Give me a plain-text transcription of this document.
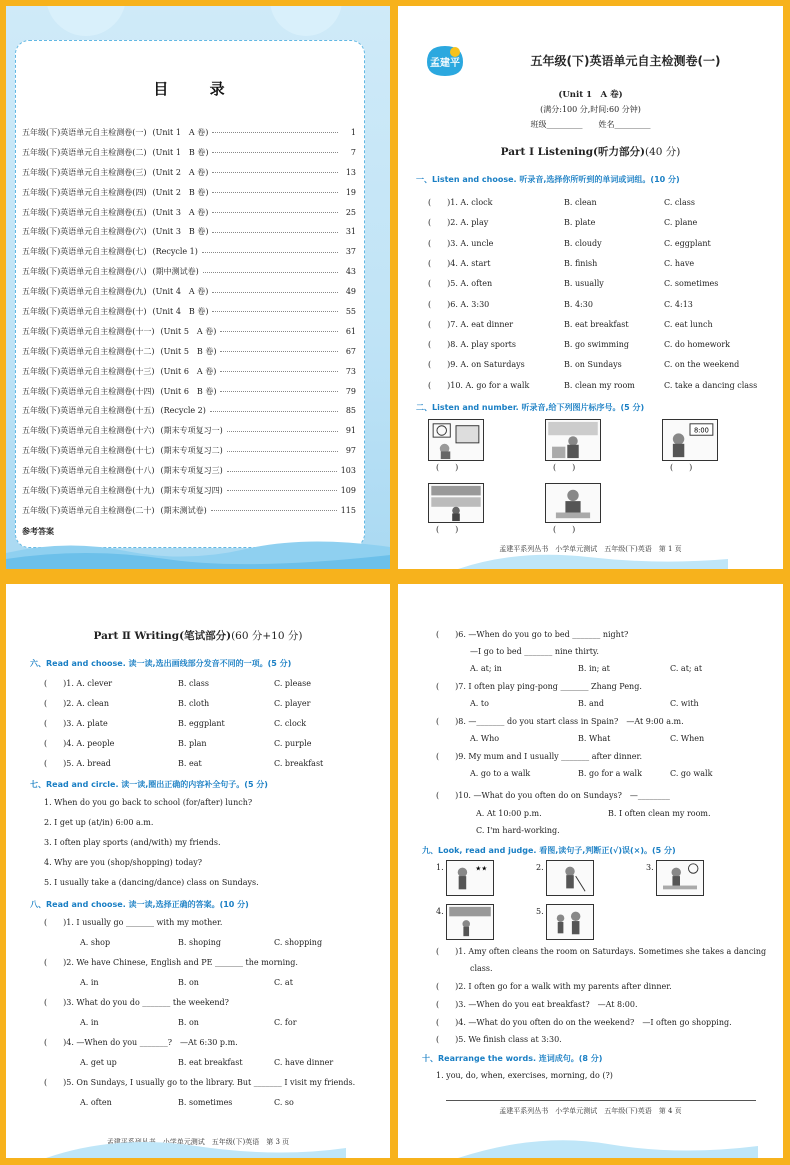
目 录
五年级(下)英语单元自主检测卷(一) (Unit 1　A 卷)	1
五年级(下)英语单元自主检测卷(二) (Unit 1　B 卷)	7
五年级(下)英语单元自主检测卷(三) (Unit 2　A 卷)	13
五年级(下)英语单元自主检测卷(四) (Unit 2　B 卷)	19
五年级(下)英语单元自主检测卷(五) (Unit 3　A 卷)	25
五年级(下)英语单元自主检测卷(六) (Unit 3　B 卷)	31
五年级(下)英语单元自主检测卷(七) (Recycle 1)	37
五年级(下)英语单元自主检测卷(八) (期中测试卷)	43
五年级(下)英语单元自主检测卷(九) (Unit 4　A 卷)	49
五年级(下)英语单元自主检测卷(十) (Unit 4　B 卷)	55
五年级(下)英语单元自主检测卷(十一) (Unit 5　A 卷)	61
五年级(下)英语单元自主检测卷(十二) (Unit 5　B 卷)	67
五年级(下)英语单元自主检测卷(十三) (Unit 6　A 卷)	73
五年级(下)英语单元自主检测卷(十四) (Unit 6　B 卷)	79
五年级(下)英语单元自主检测卷(十五) (Recycle 2)	85
五年级(下)英语单元自主检测卷(十六) (期末专项复习一)	91
五年级(下)英语单元自主检测卷(十七) (期末专项复习二)	97
五年级(下)英语单元自主检测卷(十八) (期末专项复习三)	103
五年级(下)英语单元自主检测卷(十九) (期末专项复习四)	109
五年级(下)英语单元自主检测卷(二十) (期末测试卷)	115
参考答案
孟建平	五年级(下)英语单元自主检测卷(一)
(Unit 1　A 卷)
(满分:100 分,时间:60 分钟)
班级_________　　姓名_________
Part Ⅰ Listening(听力部分)(40 分)
一、Listen and choose. 听录音,选择你所听到的单词或词组。(10 分)
(　　)1. A. clock	B. clean	C. class
(　　)2. A. play	B. plate	C. plane
(　　)3. A. uncle	B. cloudy	C. eggplant
(　　)4. A. start	B. finish	C. have
(　　)5. A. often	B. usually	C. sometimes
(　　)6. A. 3:30	B. 4:30	C. 4:13
(　　)7. A. eat dinner	B. eat breakfast	C. eat lunch
(　　)8. A. play sports	B. go swimming	C. do homework
(　　)9. A. on Saturdays	B. on Sundays	C. on the weekend
(　　)10. A. go for a walk	B. clean my room	C. take a dancing class
二、Listen and number. 听录音,给下列图片标序号。(5 分)
8:00
(　　)	(　　)	(　　)
(　　)	(　　)
孟建平系列丛书　小学单元测试　五年级(下)英语　第 1 页
Part Ⅱ Writing(笔试部分)(60 分+10 分)
六、Read and choose. 读一读,选出画线部分发音不同的一项。(5 分)
(　　)1. A. clever	B. class	C. please
(　　)2. A. clean	B. cloth	C. player
(　　)3. A. plate	B. eggplant	C. clock
(　　)4. A. people	B. plan	C. purple
(　　)5. A. bread	B. eat	C. breakfast
七、Read and circle. 读一读,圈出正确的内容补全句子。(5 分)
1. When do you go back to school (for/after) lunch?
2. I get up (at/in) 6:00 a.m.
3. I often play sports (and/with) my friends.
4. Why are you (shop/shopping) today?
5. I usually take a (dancing/dance) class on Sundays.
八、Read and choose. 读一读,选择正确的答案。(10 分)
(　　)1. I usually go _______ with my mother.
A. shop	B. shoping	C. shopping
(　　)2. We have Chinese, English and PE _______ the morning.
A. in	B. on	C. at
(　　)3. What do you do _______ the weekend?
A. in	B. on	C. for
(　　)4. —When do you _______?　—At 6:30 p.m.
A. get up	B. eat breakfast	C. have dinner
(　　)5. On Sundays, I usually go to the library. But _______ I visit my friends.
A. often	B. sometimes	C. so
孟建平系列丛书　小学单元测试　五年级(下)英语　第 3 页
(　　)6. —When do you go to bed _______ night?
—I go to bed _______ nine thirty.
A. at; in	B. in; at	C. at; at
(　　)7. I often play ping-pong _______ Zhang Peng.
A. to	B. and	C. with
(　　)8. —_______ do you start class in Spain?　—At 9:00 a.m.
A. Who	B. What	C. When
(　　)9. My mum and I usually _______ after dinner.
A. go to a walk	B. go for a walk	C. go walk
(　　)10. —What do you often do on Sundays?　—________
A. At 10:00 p.m.	B. I often clean my room.
C. I'm hard-working.
九、Look, read and judge. 看图,读句子,判断正(√)误(×)。(5 分)
1.	★★	2.	3.
4.	5.
(　　)1. Amy often cleans the room on Saturdays. Sometimes she takes a dancing
class.
(　　)2. I often go for a walk with my parents after dinner.
(　　)3. —When do you eat breakfast?　—At 8:00.
(　　)4. —What do you often do on the weekend?　—I often go shopping.
(　　)5. We finish class at 3:30.
十、Rearrange the words. 连词成句。(8 分)
1. you, do, when, exercises, morning, do (?)
孟建平系列丛书　小学单元测试　五年级(下)英语　第 4 页
